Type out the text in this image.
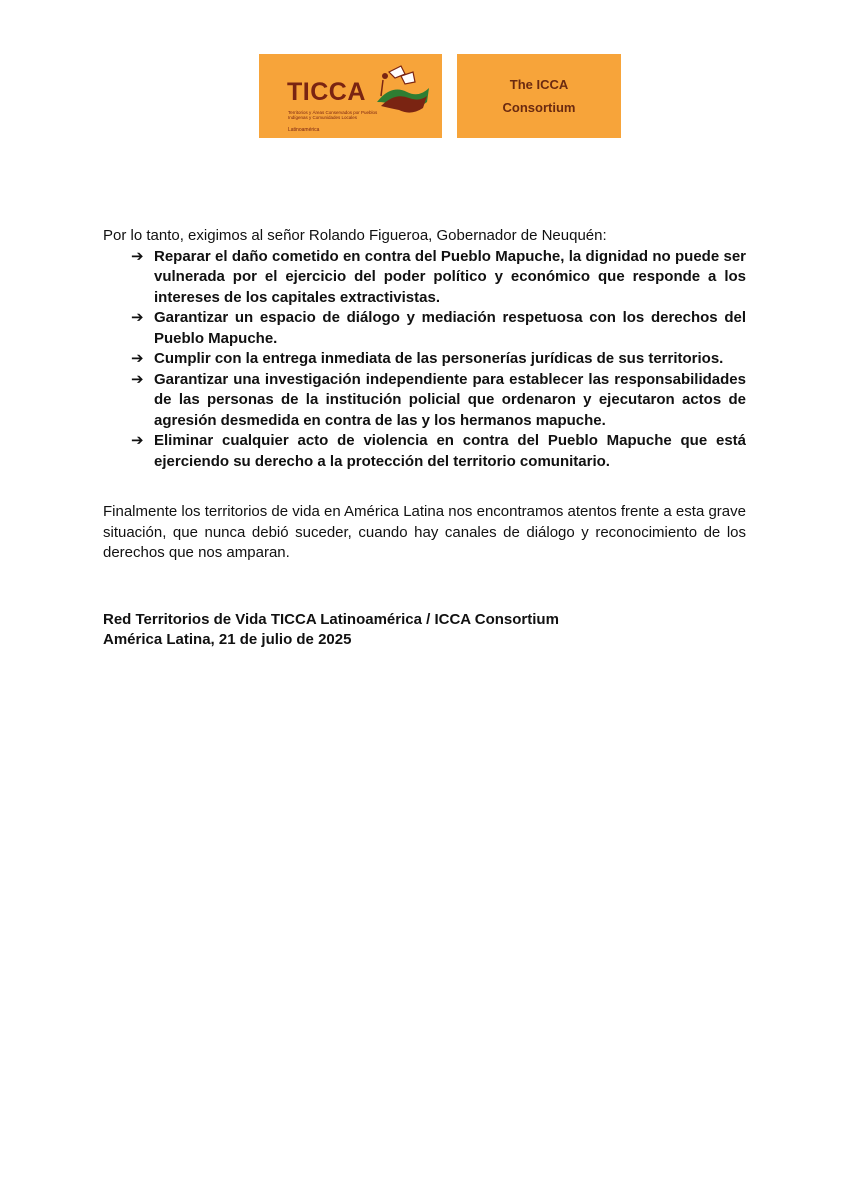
TICCA
Territorios y Áreas Conservados por Pueblos Indígenas y Comunidades Locales
Latinoamérica
The ICCA
Consortium

Por lo tanto, exigimos al señor Rolando Figueroa, Gobernador de Neuquén:

➔ Reparar el daño cometido en contra del Pueblo Mapuche, la dignidad no puede ser vulnerada por el ejercicio del poder político y económico que responde a los intereses de los capitales extractivistas.
➔ Garantizar un espacio de diálogo y mediación respetuosa con los derechos del Pueblo Mapuche.
➔ Cumplir con la entrega inmediata de las personerías jurídicas de sus territorios.
➔ Garantizar una investigación independiente para establecer las responsabilidades de las personas de la institución policial que ordenaron y ejecutaron actos de agresión desmedida en contra de las y los hermanos mapuche.
➔ Eliminar cualquier acto de violencia en contra del Pueblo Mapuche que está ejerciendo su derecho a la protección del territorio comunitario.

Finalmente los territorios de vida en América Latina nos encontramos atentos frente a esta grave situación, que nunca debió suceder, cuando hay canales de diálogo y reconocimiento de los derechos que nos amparan.

Red Territorios de Vida TICCA Latinoamérica / ICCA Consortium
América Latina, 21 de julio de 2025
